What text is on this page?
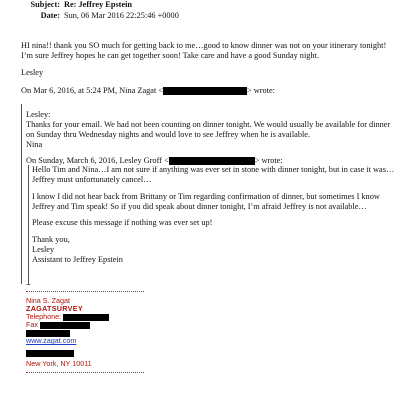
Subject: Re: Jeffrey Epstein
Date: Sun, 06 Mar 2016 22:25:46 +0000
HI nina!! thank you SO much for getting back to me…good to know dinner was not on your itinerary tonight!
I’m sure Jeffrey hopes he can get together soon! Take care and have a good Sunday night.
Lesley
On Mar 6, 2016, at 5:24 PM, Nina Zagat <	> wrote:
Lesley:
Thanks for your email. We had not been counting on dinner tonight. We would usually be available for dinner
on Sunday thru Wednesday nights and would love to see Jeffrey when he is available.
Nina
On Sunday, March 6, 2016, Lesley Groff <	> wrote:
Hello Tim and Nina…I am not sure if anything was ever set in stone with dinner tonight, but in case it was…
Jeffrey must unfortunately cancel…
I know I did not hear back from Brittany or Tim regarding confirmation of dinner, but sometimes I know
Jeffrey and Tim speak! So if you did speak about dinner tonight, I’m afraid Jeffrey is not available…
Please excuse this message if nothing was ever set up!
Thank you,
Lesley
Assistant to Jeffrey Epstein
--
Nina S. Zagat
ZAGATSURVEY
Telephone:
Fax
www.zagat.com
New York, NY 10011
